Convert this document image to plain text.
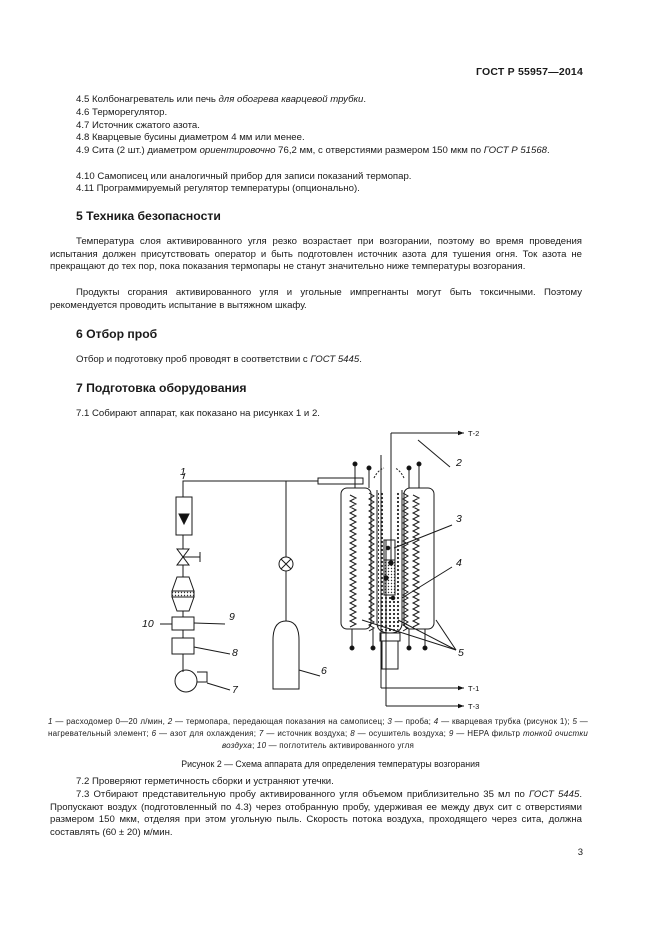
ГОСТ Р 55957—2014
4.5 Колбонагреватель или печь для обогрева кварцевой трубки.
4.6 Терморегулятор.
4.7 Источник сжатого азота.
4.8 Кварцевые бусины диаметром 4 мм или менее.
4.9 Сита (2 шт.) диаметром ориентировочно 76,2 мм, с отверстиями размером 150 мкм по ГОСТ Р 51568.
4.10 Самописец или аналогичный прибор для записи показаний термопар.
4.11 Программируемый регулятор температуры (опционально).
5 Техника безопасности
Температура слоя активированного угля резко возрастает при возгорании, поэтому во время проведения испытания должен присутствовать оператор и быть подготовлен источник азота для тушения огня. Ток азота не прекращают до тех пор, пока показания термопары не станут значительно ниже температуры возгорания.
Продукты сгорания активированного угля и угольные импрегнанты могут быть токсичными. Поэтому рекомендуется проводить испытание в вытяжном шкафу.
6 Отбор проб
Отбор и подготовку проб проводят в соответствии с ГОСТ 5445.
7 Подготовка оборудования
7.1 Собирают аппарат, как показано на рисунках 1 и 2.
1
2
3
4
5
6
7
8
9
10
Т-2
Т-1
Т-3
1 — расходомер 0—20 л/мин, 2 — термопара, передающая показания на самописец; 3 — проба; 4 — кварцевая трубка (рисунок 1); 5 — нагревательный элемент; 6 — азот для охлаждения; 7 — источник воздуха; 8 — осушитель воздуха; 9 — HEPA фильтр тонкой очистки воздуха; 10 — поглотитель активированного угля
Рисунок 2 — Схема аппарата для определения температуры возгорания
7.2 Проверяют герметичность сборки и устраняют утечки.
7.3 Отбирают представительную пробу активированного угля объемом приблизительно 35 мл по ГОСТ 5445. Пропускают воздух (подготовленный по 4.3) через отобранную пробу, удерживая ее между двух сит с отверстиями размером 150 мкм, отделяя при этом угольную пыль. Скорость потока воздуха, проходящего через сита, должна составлять (60 ± 20) м/мин.
3
